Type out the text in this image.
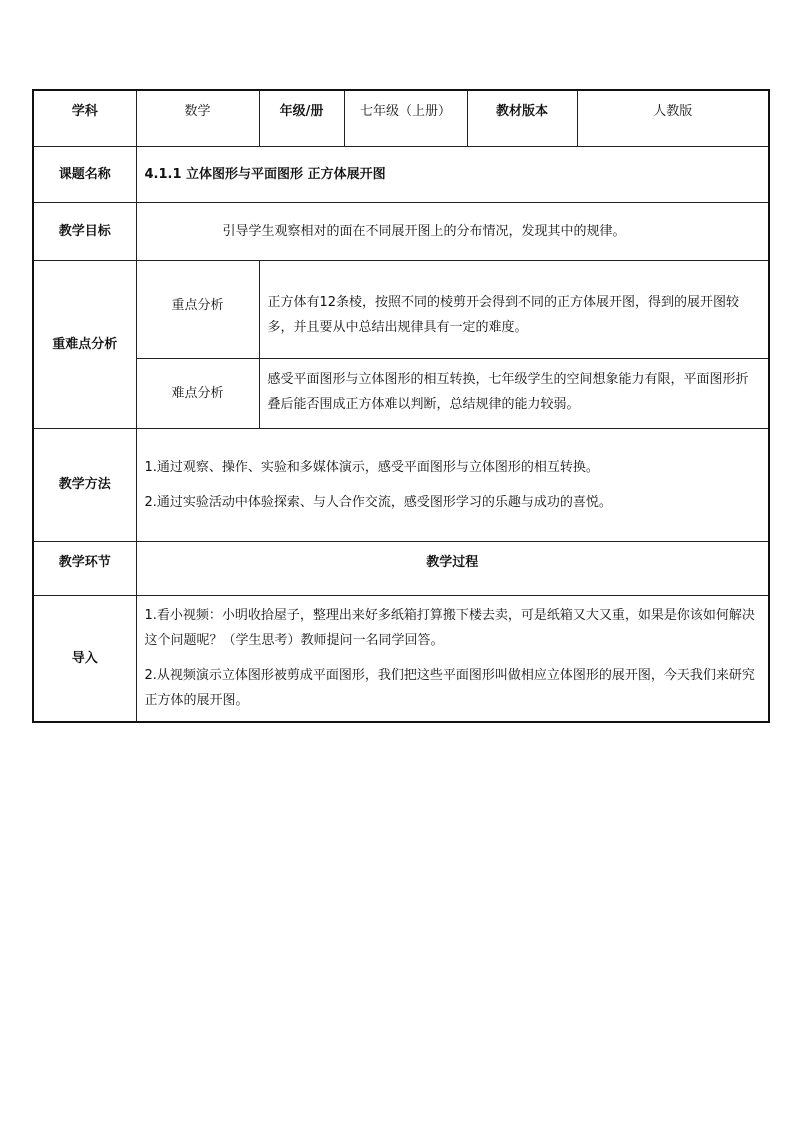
学科	数学	年级/册	七年级（上册）	教材版本	人教版
课题名称	4.1.1 立体图形与平面图形 正方体展开图				
教学目标	引导学生观察相对的面在不同展开图上的分布情况，发现其中的规律。				
重难点分析	重点分析	正方体有12条棱，按照不同的棱剪开会得到不同的正方体展开图，得到的展开图较多，并且要从中总结出规律具有一定的难度。			
	难点分析	感受平面图形与立体图形的相互转换，七年级学生的空间想象能力有限，平面图形折叠后能否围成正方体难以判断，总结规律的能力较弱。			
教学方法	1.通过观察、操作、实验和多媒体演示，感受平面图形与立体图形的相互转换。

2.通过实验活动中体验探索、与人合作交流，感受图形学习的乐趣与成功的喜悦。				

教学环节	教学过程				
导入	1.看小视频：小明收拾屋子，整理出来好多纸箱打算搬下楼去卖，可是纸箱又大又重，如果是你该如何解决这个问题呢？（学生思考）教师提问一名同学回答。

2.从视频演示立体图形被剪成平面图形，我们把这些平面图形叫做相应立体图形的展开图，今天我们来研究正方体的展开图。				
